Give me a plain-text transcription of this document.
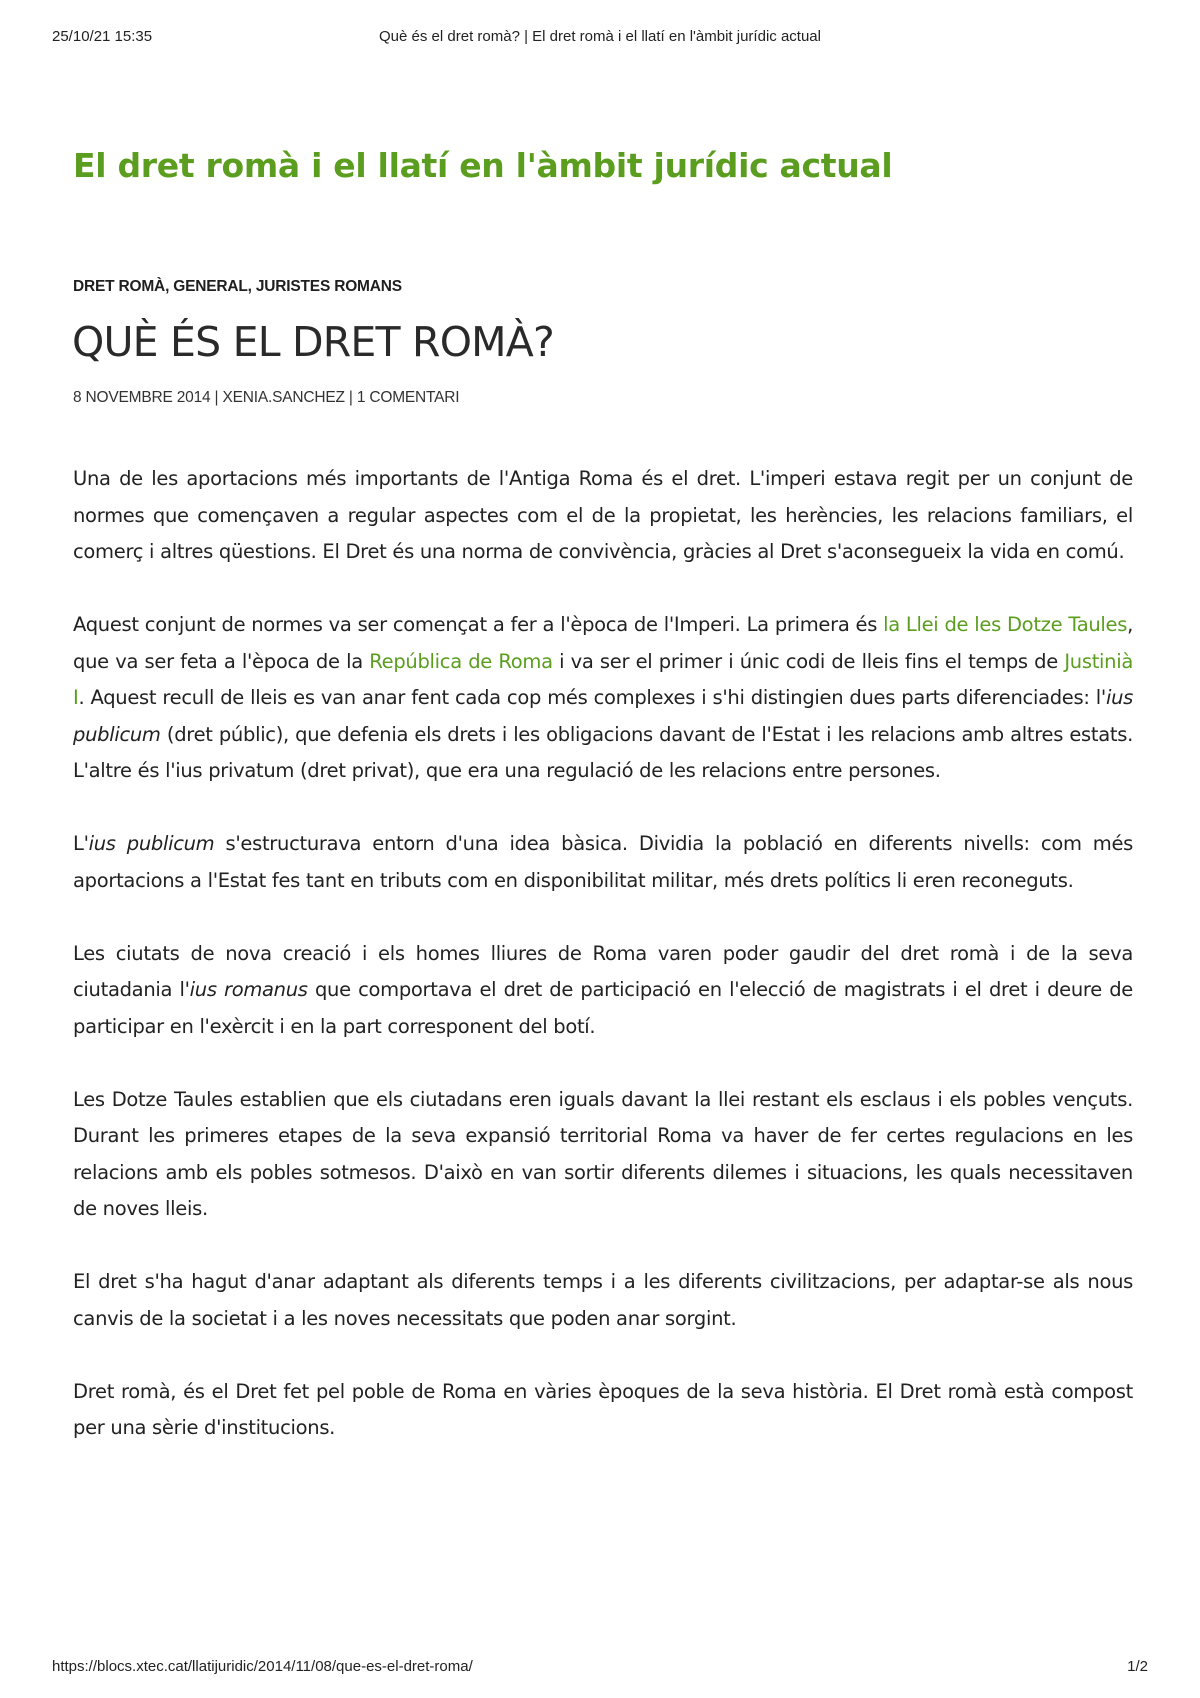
25/10/21 15:35	Què és el dret romà? | El dret romà i el llatí en l'àmbit jurídic actual
El dret romà i el llatí en l'àmbit jurídic actual
DRET ROMÀ, GENERAL, JURISTES ROMANS
QUÈ ÉS EL DRET ROMÀ?
8 NOVEMBRE 2014 | XENIA.SANCHEZ | 1 COMENTARI

Una de les aportacions més importants de l'Antiga Roma és el dret. L'imperi estava regit per un conjunt de normes que començaven a regular aspectes com el de la propietat, les herències, les relacions familiars, el comerç i altres qüestions. El Dret és una norma de convivència, gràcies al Dret s'aconsegueix la vida en comú.

Aquest conjunt de normes va ser començat a fer a l'època de l'Imperi. La primera és la Llei de les Dotze Taules, que va ser feta a l'època de la República de Roma i va ser el primer i únic codi de lleis fins el temps de Justinià I. Aquest recull de lleis es van anar fent cada cop més complexes i s'hi distingien dues parts diferenciades: l'ius publicum (dret públic), que defenia els drets i les obligacions davant de l'Estat i les relacions amb altres estats. L'altre és l'ius privatum (dret privat), que era una regulació de les relacions entre persones.

L'ius publicum s'estructurava entorn d'una idea bàsica. Dividia la població en diferents nivells: com més aportacions a l'Estat fes tant en tributs com en disponibilitat militar, més drets polítics li eren reconeguts.

Les ciutats de nova creació i els homes lliures de Roma varen poder gaudir del dret romà i de la seva ciutadania l'ius romanus que comportava el dret de participació en l'elecció de magistrats i el dret i deure de participar en l'exèrcit i en la part corresponent del botí.

Les Dotze Taules establien que els ciutadans eren iguals davant la llei restant els esclaus i els pobles vençuts. Durant les primeres etapes de la seva expansió territorial Roma va haver de fer certes regulacions en les relacions amb els pobles sotmesos. D'això en van sortir diferents dilemes i situacions, les quals necessitaven de noves lleis.

El dret s'ha hagut d'anar adaptant als diferents temps i a les diferents civilitzacions, per adaptar-se als nous canvis de la societat i a les noves necessitats que poden anar sorgint.

Dret romà, és el Dret fet pel poble de Roma en vàries èpoques de la seva història. El Dret romà està compost per una sèrie d'institucions.

https://blocs.xtec.cat/llatijuridic/2014/11/08/que-es-el-dret-roma/	1/2
